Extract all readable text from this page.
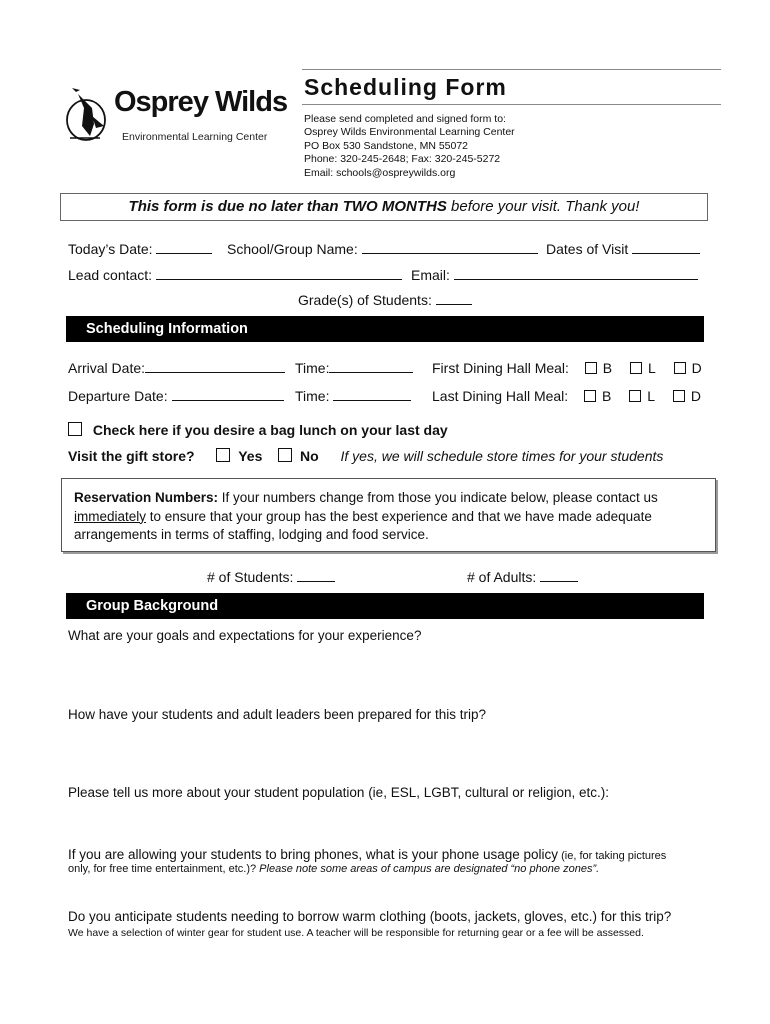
Osprey Wilds
Environmental Learning Center
Scheduling Form
Please send completed and signed form to:
Osprey Wilds Environmental Learning Center
PO Box 530 Sandstone, MN 55072
Phone: 320-245-2648; Fax: 320-245-5272
Email: schools@ospreywilds.org
This form is due no later than TWO MONTHS before your visit. Thank you!
Today’s Date:	School/Group Name:	Dates of Visit
Lead contact:	Email:
Grade(s) of Students:
Scheduling Information
Arrival Date:	Time:	First Dining Hall Meal: B	L	D
Departure Date:	Time:	Last Dining Hall Meal: B	L	D
Check here if you desire a bag lunch on your last day
Visit the gift store?	Yes	No If yes, we will schedule store times for your students
Reservation Numbers: If your numbers change from those you indicate below, please contact us
immediately to ensure that your group has the best experience and that we have made adequate
arrangements in terms of staffing, lodging and food service.
# of Students:	# of Adults:
Group Background
What are your goals and expectations for your experience?
How have your students and adult leaders been prepared for this trip?
Please tell us more about your student population (ie, ESL, LGBT, cultural or religion, etc.):
If you are allowing your students to bring phones, what is your phone usage policy (ie, for taking pictures
only, for free time entertainment, etc.)? Please note some areas of campus are designated “no phone zones”.
Do you anticipate students needing to borrow warm clothing (boots, jackets, gloves, etc.) for this trip?
We have a selection of winter gear for student use. A teacher will be responsible for returning gear or a fee will be assessed.
